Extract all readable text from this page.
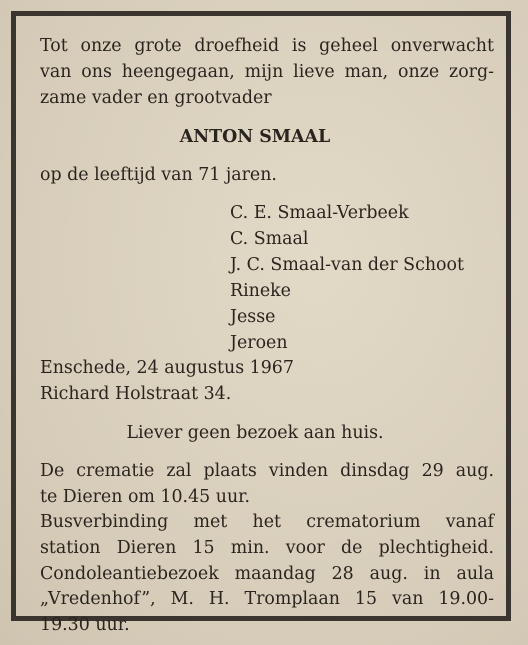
Tot onze grote droefheid is geheel onverwacht
van ons heengegaan, mijn lieve man, onze zorg-
zame vader en grootvader
ANTON SMAAL
op de leeftijd van 71 jaren.
C. E. Smaal-Verbeek
C. Smaal
J. C. Smaal-van der Schoot
Rineke
Jesse
Jeroen
Enschede, 24 augustus 1967
Richard Holstraat 34.
Liever geen bezoek aan huis.
De crematie zal plaats vinden dinsdag 29 aug.
te Dieren om 10.45 uur.
Busverbinding met het crematorium vanaf
station Dieren 15 min. voor de plechtigheid.
Condoleantiebezoek maandag 28 aug. in aula
„Vredenhof”, M. H. Tromplaan 15 van 19.00-
19.30 uur.
